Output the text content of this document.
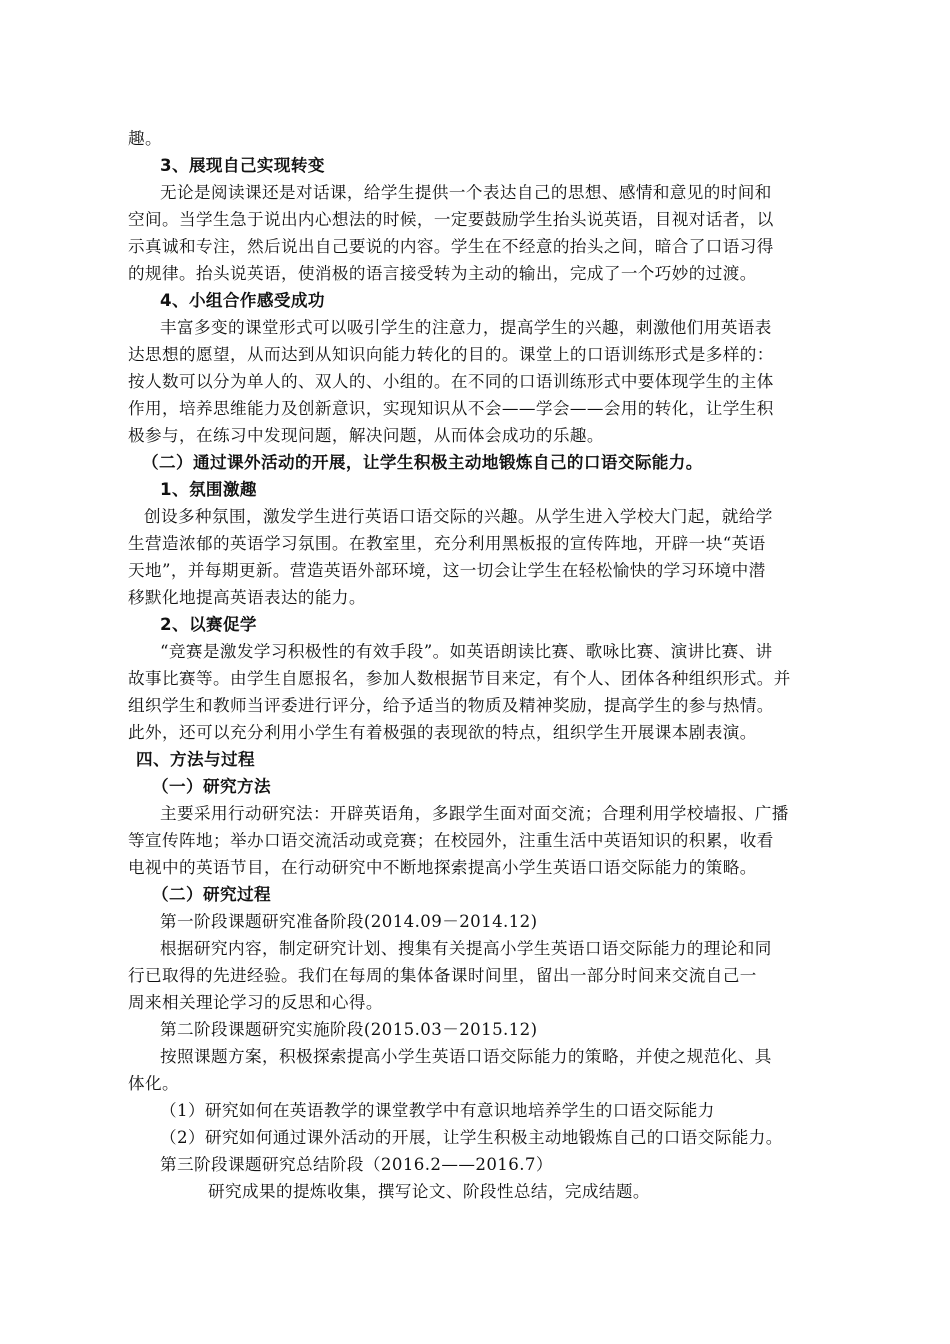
趣。
3、展现自己实现转变
无论是阅读课还是对话课，给学生提供一个表达自己的思想、感情和意见的时间和
空间。当学生急于说出内心想法的时候，一定要鼓励学生抬头说英语，目视对话者，以
示真诚和专注，然后说出自己要说的内容。学生在不经意的抬头之间，暗合了口语习得
的规律。抬头说英语，使消极的语言接受转为主动的输出，完成了一个巧妙的过渡。
4、小组合作感受成功
丰富多变的课堂形式可以吸引学生的注意力，提高学生的兴趣，刺激他们用英语表
达思想的愿望，从而达到从知识向能力转化的目的。课堂上的口语训练形式是多样的：
按人数可以分为单人的、双人的、小组的。在不同的口语训练形式中要体现学生的主体
作用，培养思维能力及创新意识，实现知识从不会——学会——会用的转化，让学生积
极参与，在练习中发现问题，解决问题，从而体会成功的乐趣。
（二）通过课外活动的开展，让学生积极主动地锻炼自己的口语交际能力。
1、氛围激趣
创设多种氛围，激发学生进行英语口语交际的兴趣。从学生进入学校大门起，就给学
生营造浓郁的英语学习氛围。在教室里，充分利用黑板报的宣传阵地，开辟一块“英语
天地”，并每期更新。营造英语外部环境，这一切会让学生在轻松愉快的学习环境中潜
移默化地提高英语表达的能力。
2、以赛促学
“竞赛是激发学习积极性的有效手段”。如英语朗读比赛、歌咏比赛、演讲比赛、讲
故事比赛等。由学生自愿报名，参加人数根据节目来定，有个人、团体各种组织形式。并
组织学生和教师当评委进行评分，给予适当的物质及精神奖励，提高学生的参与热情。
此外，还可以充分利用小学生有着极强的表现欲的特点，组织学生开展课本剧表演。
四、方法与过程
（一）研究方法
主要采用行动研究法：开辟英语角，多跟学生面对面交流；合理利用学校墙报、广播
等宣传阵地；举办口语交流活动或竞赛；在校园外，注重生活中英语知识的积累，收看
电视中的英语节目，在行动研究中不断地探索提高小学生英语口语交际能力的策略。
（二）研究过程
第一阶段课题研究准备阶段(2014.09－2014.12)
根据研究内容，制定研究计划、搜集有关提高小学生英语口语交际能力的理论和同
行已取得的先进经验。我们在每周的集体备课时间里，留出一部分时间来交流自己一
周来相关理论学习的反思和心得。
第二阶段课题研究实施阶段(2015.03－2015.12)
按照课题方案，积极探索提高小学生英语口语交际能力的策略，并使之规范化、具
体化。
（1）研究如何在英语教学的课堂教学中有意识地培养学生的口语交际能力
（2）研究如何通过课外活动的开展，让学生积极主动地锻炼自己的口语交际能力。
第三阶段课题研究总结阶段（2016.2——2016.7）
研究成果的提炼收集，撰写论文、阶段性总结，完成结题。
